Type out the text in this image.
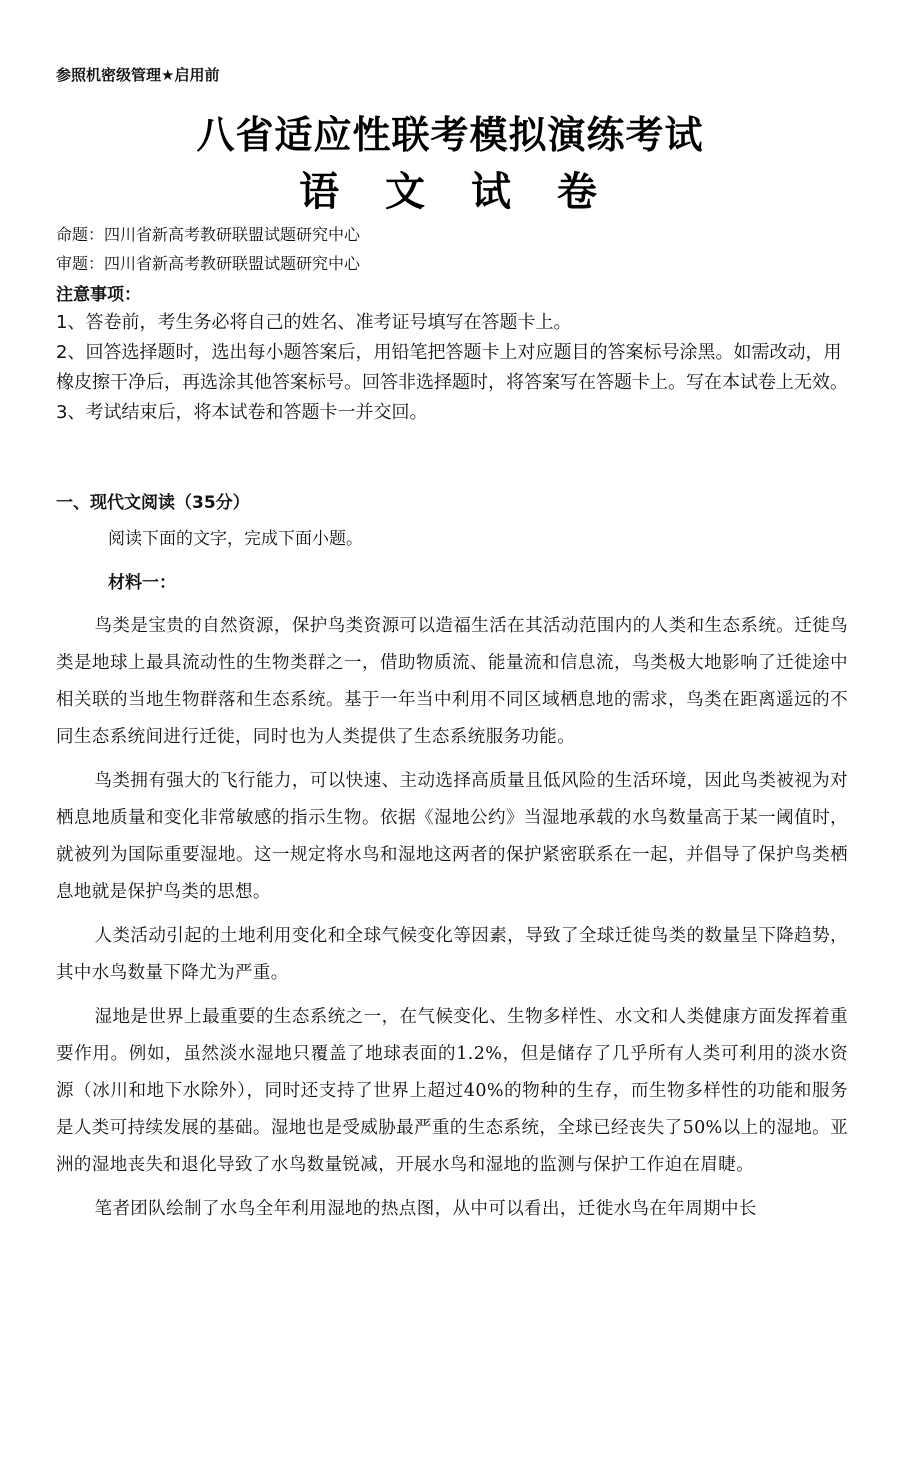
参照机密级管理★启用前
八省适应性联考模拟演练考试
语 文 试 卷
命题：四川省新高考教研联盟试题研究中心
审题：四川省新高考教研联盟试题研究中心
注意事项：

1、答卷前，考生务必将自己的姓名、准考证号填写在答题卡上。

2、回答选择题时，选出每小题答案后，用铅笔把答题卡上对应题目的答案标号涂黑。如需改动，用橡皮擦干净后，再选涂其他答案标号。回答非选择题时，将答案写在答题卡上。写在本试卷上无效。

3、考试结束后，将本试卷和答题卡一并交回。

一、现代文阅读（35分）
阅读下面的文字，完成下面小题。
材料一：

鸟类是宝贵的自然资源，保护鸟类资源可以造福生活在其活动范围内的人类和生态系统。迁徙鸟类是地球上最具流动性的生物类群之一，借助物质流、能量流和信息流，鸟类极大地影响了迁徙途中相关联的当地生物群落和生态系统。基于一年当中利用不同区域栖息地的需求，鸟类在距离遥远的不同生态系统间进行迁徙，同时也为人类提供了生态系统服务功能。

鸟类拥有强大的飞行能力，可以快速、主动选择高质量且低风险的生活环境，因此鸟类被视为对栖息地质量和变化非常敏感的指示生物。依据《湿地公约》当湿地承载的水鸟数量高于某一阈值时，就被列为国际重要湿地。这一规定将水鸟和湿地这两者的保护紧密联系在一起，并倡导了保护鸟类栖息地就是保护鸟类的思想。

人类活动引起的土地利用变化和全球气候变化等因素，导致了全球迁徙鸟类的数量呈下降趋势，其中水鸟数量下降尤为严重。

湿地是世界上最重要的生态系统之一，在气候变化、生物多样性、水文和人类健康方面发挥着重要作用。例如，虽然淡水湿地只覆盖了地球表面的1.2%，但是储存了几乎所有人类可利用的淡水资源（冰川和地下水除外），同时还支持了世界上超过40%的物种的生存，而生物多样性的功能和服务是人类可持续发展的基础。湿地也是受威胁最严重的生态系统，全球已经丧失了50%以上的湿地。亚洲的湿地丧失和退化导致了水鸟数量锐减，开展水鸟和湿地的监测与保护工作迫在眉睫。

笔者团队绘制了水鸟全年利用湿地的热点图，从中可以看出，迁徙水鸟在年周期中长
